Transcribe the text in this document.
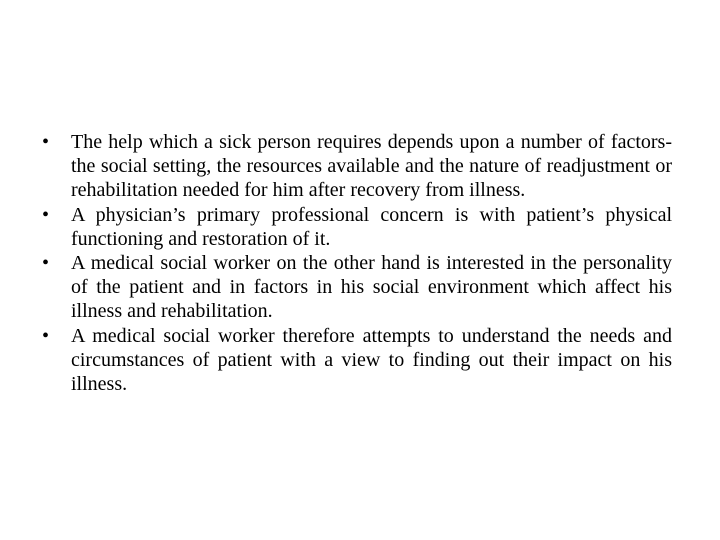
• The help which a sick person requires depends upon a number of factors- the social setting, the resources available and the nature of readjustment or rehabilitation needed for him after recovery from illness.
• A physician’s primary professional concern is with patient’s physical functioning and restoration of it.
• A medical social worker on the other hand is interested in the personality of the patient and in factors in his social environment which affect his illness and rehabilitation.
• A medical social worker therefore attempts to understand the needs and circumstances of patient with a view to finding out their impact on his illness.
